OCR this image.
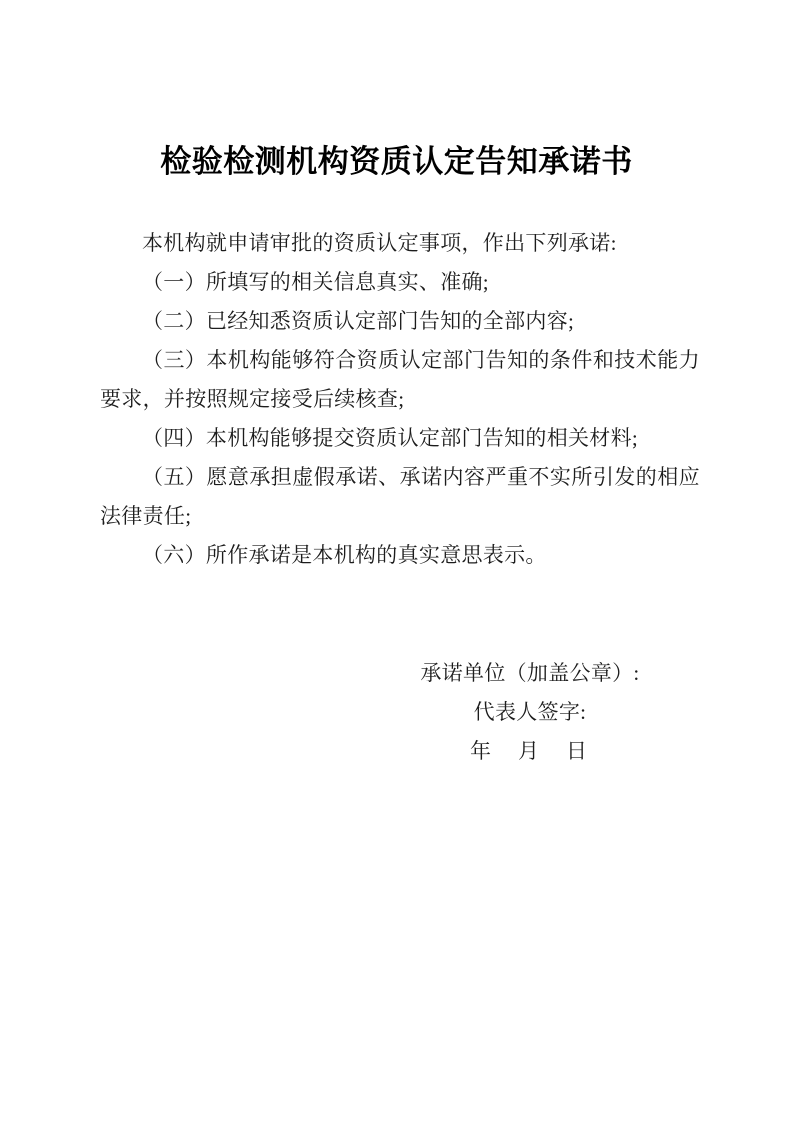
检验检测机构资质认定告知承诺书

本机构就申请审批的资质认定事项，作出下列承诺:

（一）所填写的相关信息真实、准确;

（二）已经知悉资质认定部门告知的全部内容;

（三）本机构能够符合资质认定部门告知的条件和技术能力要求，并按照规定接受后续核查;

（四）本机构能够提交资质认定部门告知的相关材料;

（五）愿意承担虚假承诺、承诺内容严重不实所引发的相应法律责任;

（六）所作承诺是本机构的真实意思表示。

承诺单位（加盖公章）:
代表人签字:
年　月　日
